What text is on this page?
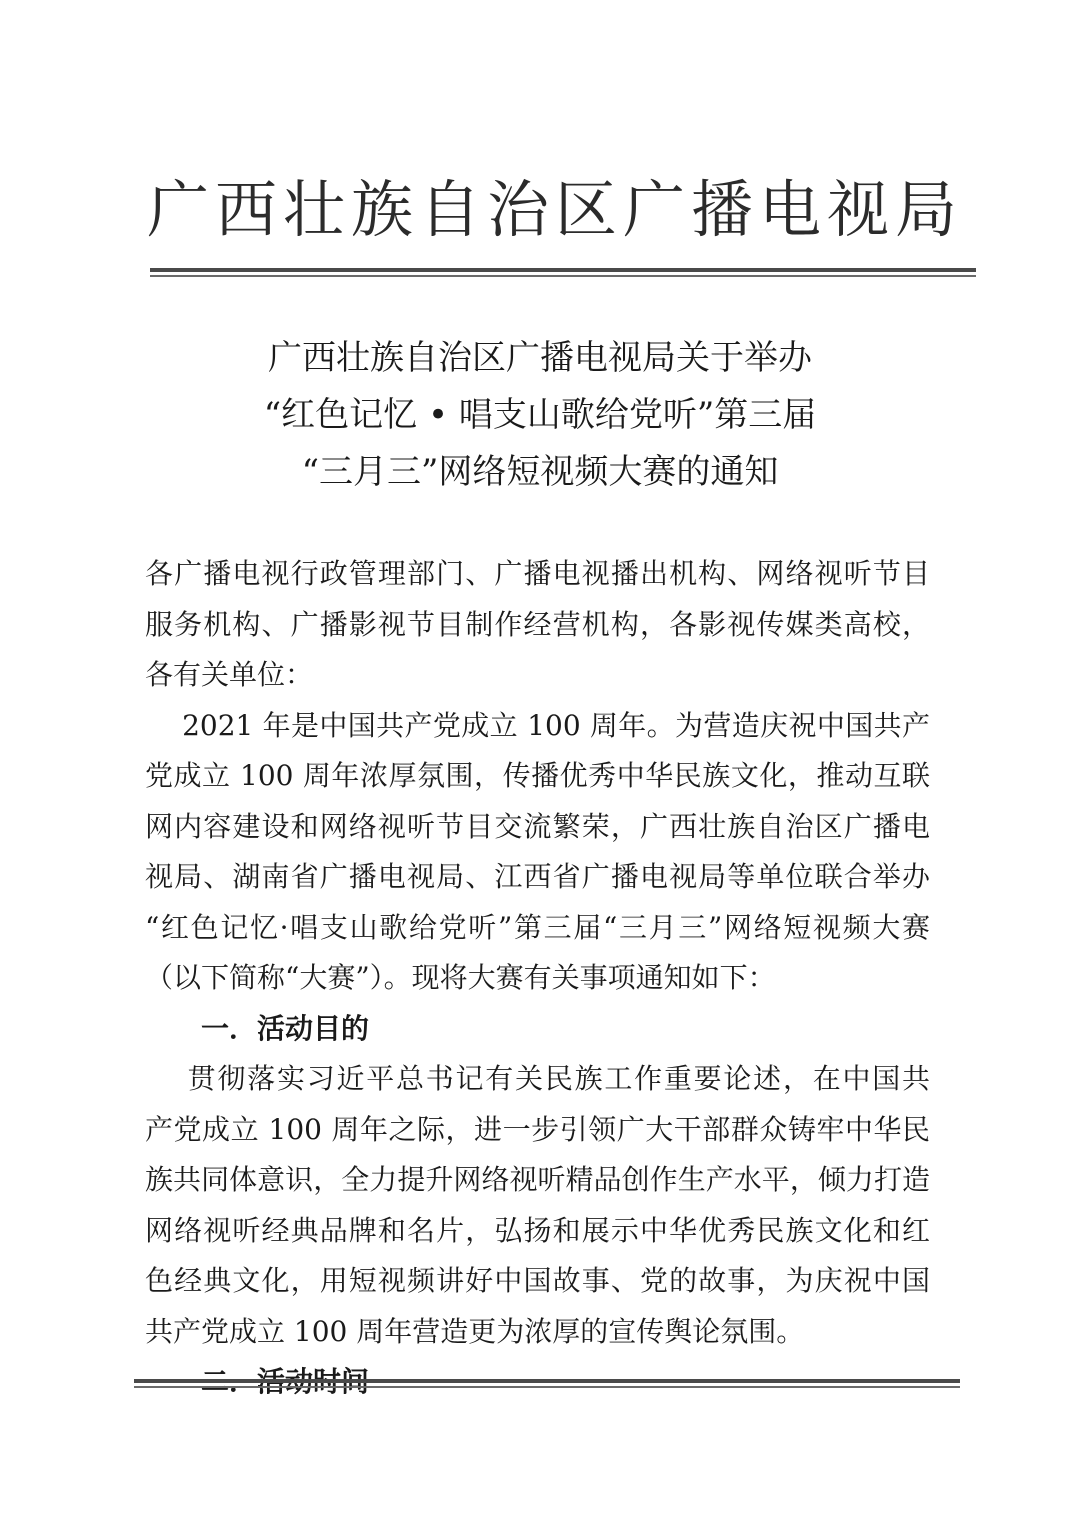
广西壮族自治区广播电视局
广西壮族自治区广播电视局关于举办
“红色记忆 • 唱支山歌给党听”第三届
“三月三”网络短视频大赛的通知
各广播电视行政管理部门、广播电视播出机构、网络视听节目
服务机构、广播影视节目制作经营机构，各影视传媒类高校，
各有关单位：
2021 年是中国共产党成立 100 周年。为营造庆祝中国共产
党成立 100 周年浓厚氛围，传播优秀中华民族文化，推动互联
网内容建设和网络视听节目交流繁荣，广西壮族自治区广播电
视局、湖南省广播电视局、江西省广播电视局等单位联合举办
“红色记忆·唱支山歌给党听”第三届“三月三”网络短视频大赛
（以下简称“大赛”）。现将大赛有关事项通知如下：
一．活动目的
贯彻落实习近平总书记有关民族工作重要论述，在中国共
产党成立 100 周年之际，进一步引领广大干部群众铸牢中华民
族共同体意识，全力提升网络视听精品创作生产水平，倾力打造
网络视听经典品牌和名片，弘扬和展示中华优秀民族文化和红
色经典文化，用短视频讲好中国故事、党的故事，为庆祝中国
共产党成立 100 周年营造更为浓厚的宣传舆论氛围。
